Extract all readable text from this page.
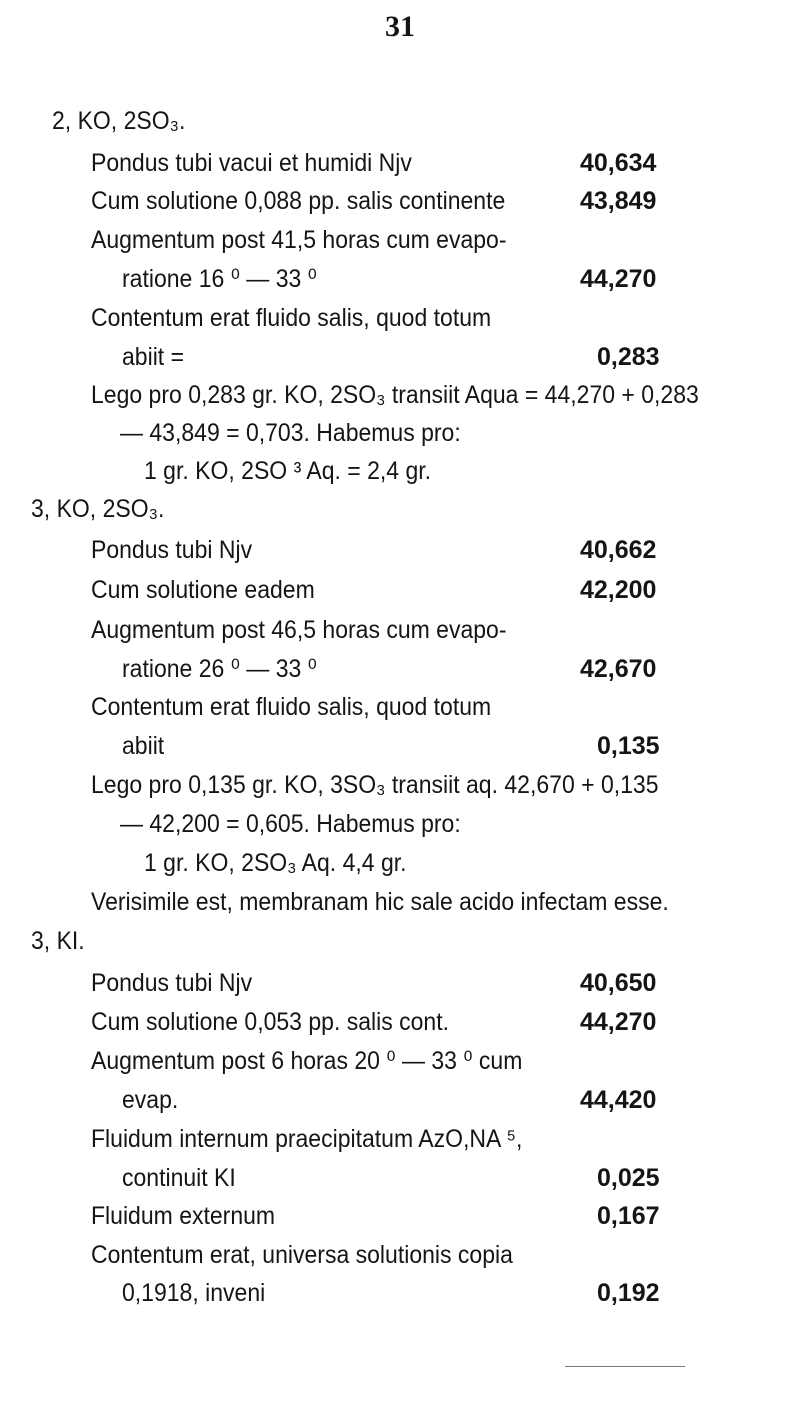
31
2, KO, 2SO₃.
Pondus tubi vacui et humidi Njv	40,634
Cum solutione 0,088 pp. salis continente	43,849
Augmentum post 41,5 horas cum evapo-
ratione 16 ⁰ — 33 ⁰	44,270
Contentum erat fluido salis, quod totum
abiit =	0,283
Lego pro 0,283 gr. KO, 2SO₃ transiit Aqua = 44,270 + 0,283
— 43,849 = 0,703. Habemus pro:
1 gr. KO, 2SO ³ Aq. = 2,4 gr.
3, KO, 2SO₃.
Pondus tubi Njv	40,662
Cum solutione eadem	42,200
Augmentum post 46,5 horas cum evapo-
ratione 26 ⁰ — 33 ⁰	42,670
Contentum erat fluido salis, quod totum
abiit	0,135
Lego pro 0,135 gr. KO, 3SO₃ transiit aq. 42,670 + 0,135
— 42,200 = 0,605. Habemus pro:
1 gr. KO, 2SO₃ Aq. 4,4 gr.
Verisimile est, membranam hic sale acido infectam esse.
3, KI.
Pondus tubi Njv	40,650
Cum solutione 0,053 pp. salis cont.	44,270
Augmentum post 6 horas 20 ⁰ — 33 ⁰ cum
evap.	44,420
Fluidum internum praecipitatum AzO,NA ⁵,
continuit KI	0,025
Fluidum externum	0,167
Contentum erat, universa solutionis copia
0,1918, inveni	0,192
